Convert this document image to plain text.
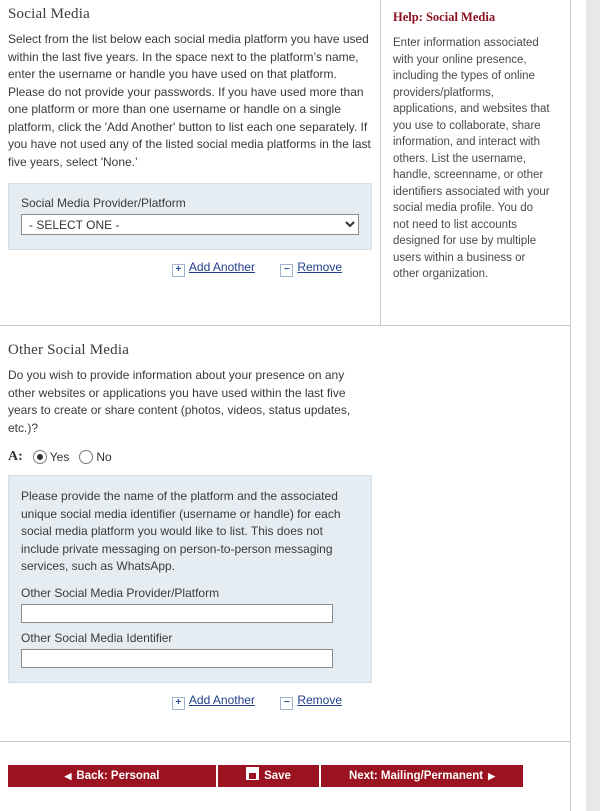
Social Media

Select from the list below each social media platform you have used within the last five years. In the space next to the platform’s name, enter the username or handle you have used on that platform. Please do not provide your passwords. If you have used more than one platform or more than one username or handle on a single platform, click the 'Add Another' button to list each one separately. If you have not used any of the listed social media platforms in the last five years, select 'None.’

Social Media Provider/Platform
- SELECT ONE -
+ Add Another	− Remove
Help: Social Media

Enter information associated with your online presence, including the types of online providers/platforms, applications, and websites that you use to collaborate, share information, and interact with others. List the username, handle, screenname, or other identifiers associated with your social media profile. You do not need to list accounts designed for use by multiple users within a business or other organization.

Other Social Media

Do you wish to provide information about your presence on any other websites or applications you have used within the last five years to create or share content (photos, videos, status updates, etc.)?

A: Yes No

Please provide the name of the platform and the associated unique social media identifier (username or handle) for each social media platform you would like to list. This does not include private messaging on person-to-person messaging services, such as WhatsApp.

Other Social Media Provider/Platform
Other Social Media Identifier
+ Add Another	− Remove
◀ Back: Personal	Save	Next: Mailing/Permanent ▶
